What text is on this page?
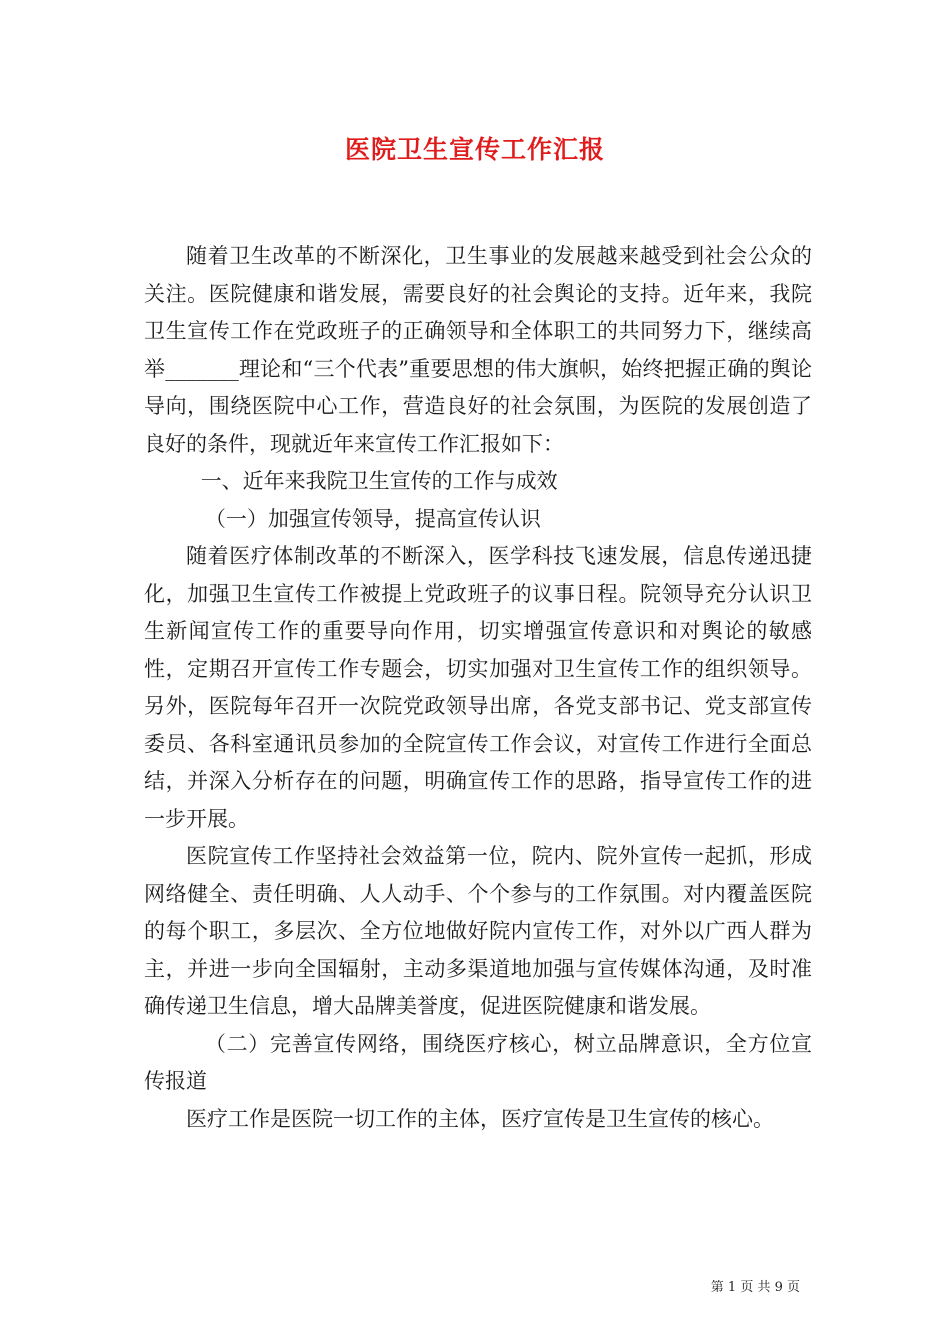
医院卫生宣传工作汇报

随着卫生改革的不断深化，卫生事业的发展越来越受到社会公众的关注。医院健康和谐发展，需要良好的社会舆论的支持。近年来，我院卫生宣传工作在党政班子的正确领导和全体职工的共同努力下，继续高举_______理论和“三个代表”重要思想的伟大旗帜，始终把握正确的舆论导向，围绕医院中心工作，营造良好的社会氛围，为医院的发展创造了良好的条件，现就近年来宣传工作汇报如下：

一、近年来我院卫生宣传的工作与成效

（一）加强宣传领导，提高宣传认识

随着医疗体制改革的不断深入，医学科技飞速发展，信息传递迅捷化，加强卫生宣传工作被提上党政班子的议事日程。院领导充分认识卫生新闻宣传工作的重要导向作用，切实增强宣传意识和对舆论的敏感性，定期召开宣传工作专题会，切实加强对卫生宣传工作的组织领导。另外，医院每年召开一次院党政领导出席，各党支部书记、党支部宣传委员、各科室通讯员参加的全院宣传工作会议，对宣传工作进行全面总结，并深入分析存在的问题，明确宣传工作的思路，指导宣传工作的进一步开展。

医院宣传工作坚持社会效益第一位，院内、院外宣传一起抓，形成网络健全、责任明确、人人动手、个个参与的工作氛围。对内覆盖医院的每个职工，多层次、全方位地做好院内宣传工作，对外以广西人群为主，并进一步向全国辐射，主动多渠道地加强与宣传媒体沟通，及时准确传递卫生信息，增大品牌美誉度，促进医院健康和谐发展。

（二）完善宣传网络，围绕医疗核心，树立品牌意识，全方位宣传报道

医疗工作是医院一切工作的主体，医疗宣传是卫生宣传的核心。

第 1 页 共 9 页
